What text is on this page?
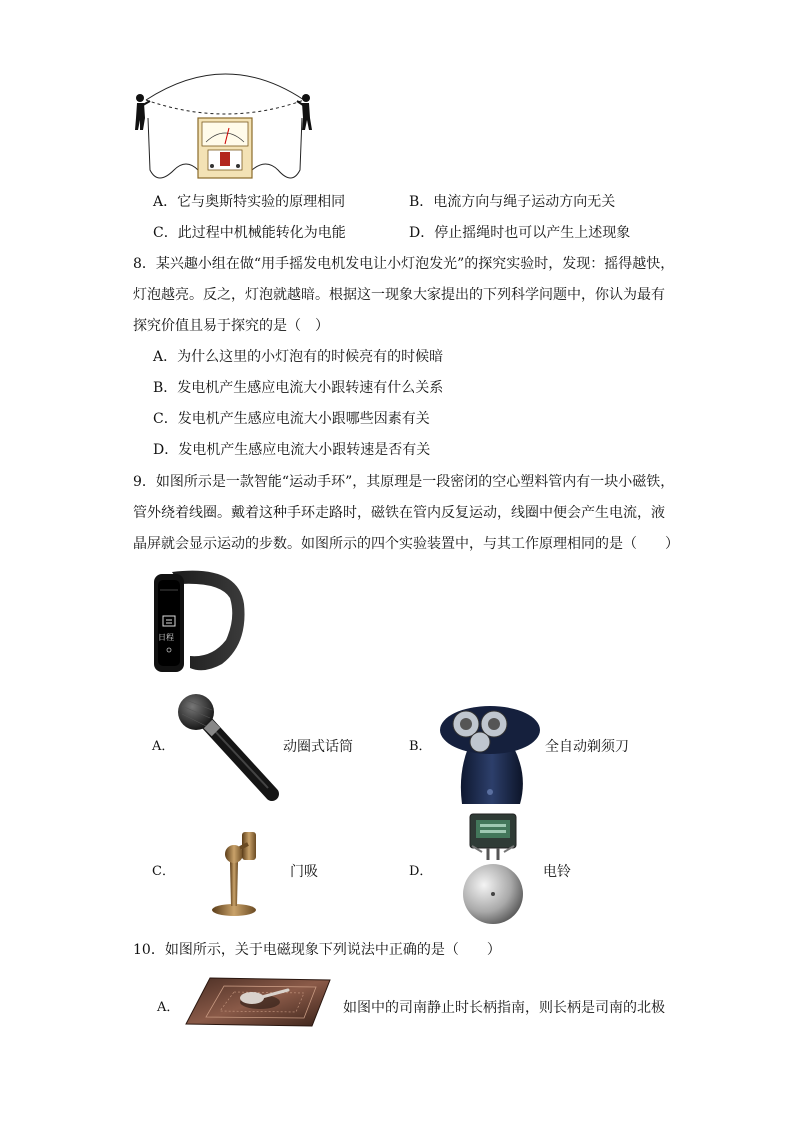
A．它与奥斯特实验的原理相同	B．电流方向与绳子运动方向无关
C．此过程中机械能转化为电能	D．停止摇绳时也可以产生上述现象
8．某兴趣小组在做“用手摇发电机发电让小灯泡发光”的探究实验时，发现：摇得越快，
灯泡越亮。反之，灯泡就越暗。根据这一现象大家提出的下列科学问题中，你认为最有
探究价值且易于探究的是（　）
A．为什么这里的小灯泡有的时候亮有的时候暗
B．发电机产生感应电流大小跟转速有什么关系
C．发电机产生感应电流大小跟哪些因素有关
D．发电机产生感应电流大小跟转速是否有关
9．如图所示是一款智能“运动手环”，其原理是一段密闭的空心塑料管内有一块小磁铁，
管外绕着线圈。戴着这种手环走路时，磁铁在管内反复运动，线圈中便会产生电流，液
晶屏就会显示运动的步数。如图所示的四个实验装置中，与其工作原理相同的是（　　）
日程
A．	动圈式话筒	B．	全自动剃须刀
C．	门吸	D．	电铃
10．如图所示，关于电磁现象下列说法中正确的是（　　）
A．	如图中的司南静止时长柄指南，则长柄是司南的北极
